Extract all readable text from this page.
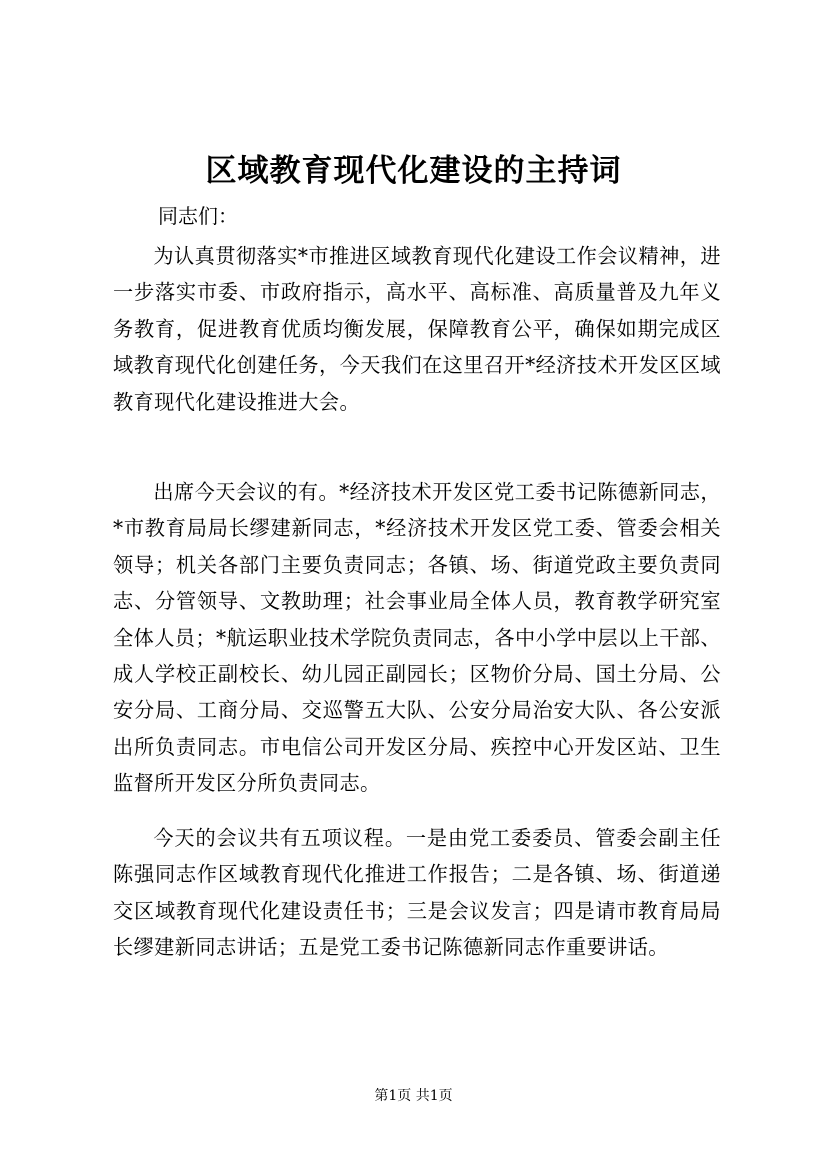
区域教育现代化建设的主持词

同志们：

为认真贯彻落实*市推进区域教育现代化建设工作会议精神，进一步落实市委、市政府指示，高水平、高标准、高质量普及九年义务教育，促进教育优质均衡发展，保障教育公平，确保如期完成区域教育现代化创建任务，今天我们在这里召开*经济技术开发区区域教育现代化建设推进大会。

出席今天会议的有。*经济技术开发区党工委书记陈德新同志，*市教育局局长缪建新同志，*经济技术开发区党工委、管委会相关领导；机关各部门主要负责同志；各镇、场、街道党政主要负责同志、分管领导、文教助理；社会事业局全体人员，教育教学研究室全体人员；*航运职业技术学院负责同志，各中小学中层以上干部、成人学校正副校长、幼儿园正副园长；区物价分局、国土分局、公安分局、工商分局、交巡警五大队、公安分局治安大队、各公安派出所负责同志。市电信公司开发区分局、疾控中心开发区站、卫生监督所开发区分所负责同志。

今天的会议共有五项议程。一是由党工委委员、管委会副主任陈强同志作区域教育现代化推进工作报告；二是各镇、场、街道递交区域教育现代化建设责任书；三是会议发言；四是请市教育局局长缪建新同志讲话；五是党工委书记陈德新同志作重要讲话。

第1页 共1页
